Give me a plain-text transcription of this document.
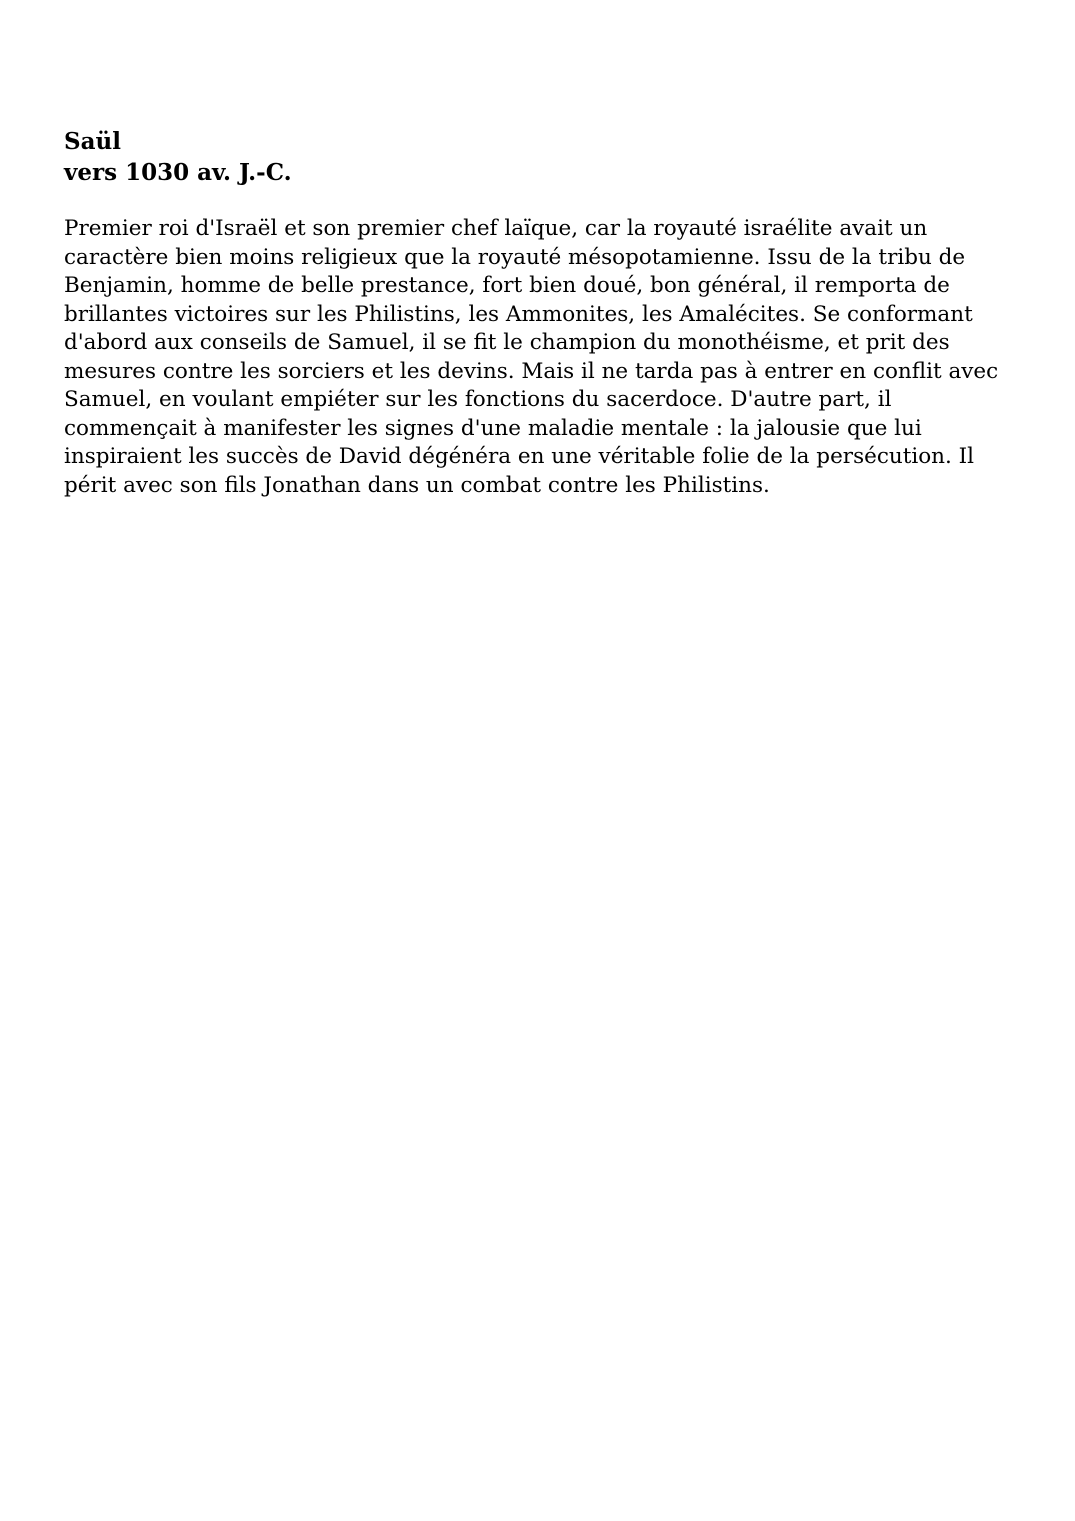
Saül
vers 1030 av. J.-C.

Premier roi d'Israël et son premier chef laïque, car la royauté israélite avait un caractère bien moins religieux que la royauté mésopotamienne. Issu de la tribu de Benjamin, homme de belle prestance, fort bien doué, bon général, il remporta de brillantes victoires sur les Philistins, les Ammonites, les Amalécites. Se conformant d'abord aux conseils de Samuel, il se fit le champion du monothéisme, et prit des mesures contre les sorciers et les devins. Mais il ne tarda pas à entrer en conflit avec Samuel, en voulant empiéter sur les fonctions du sacerdoce. D'autre part, il commençait à manifester les signes d'une maladie mentale : la jalousie que lui inspiraient les succès de David dégénéra en une véritable folie de la persécution. Il périt avec son fils Jonathan dans un combat contre les Philistins.
